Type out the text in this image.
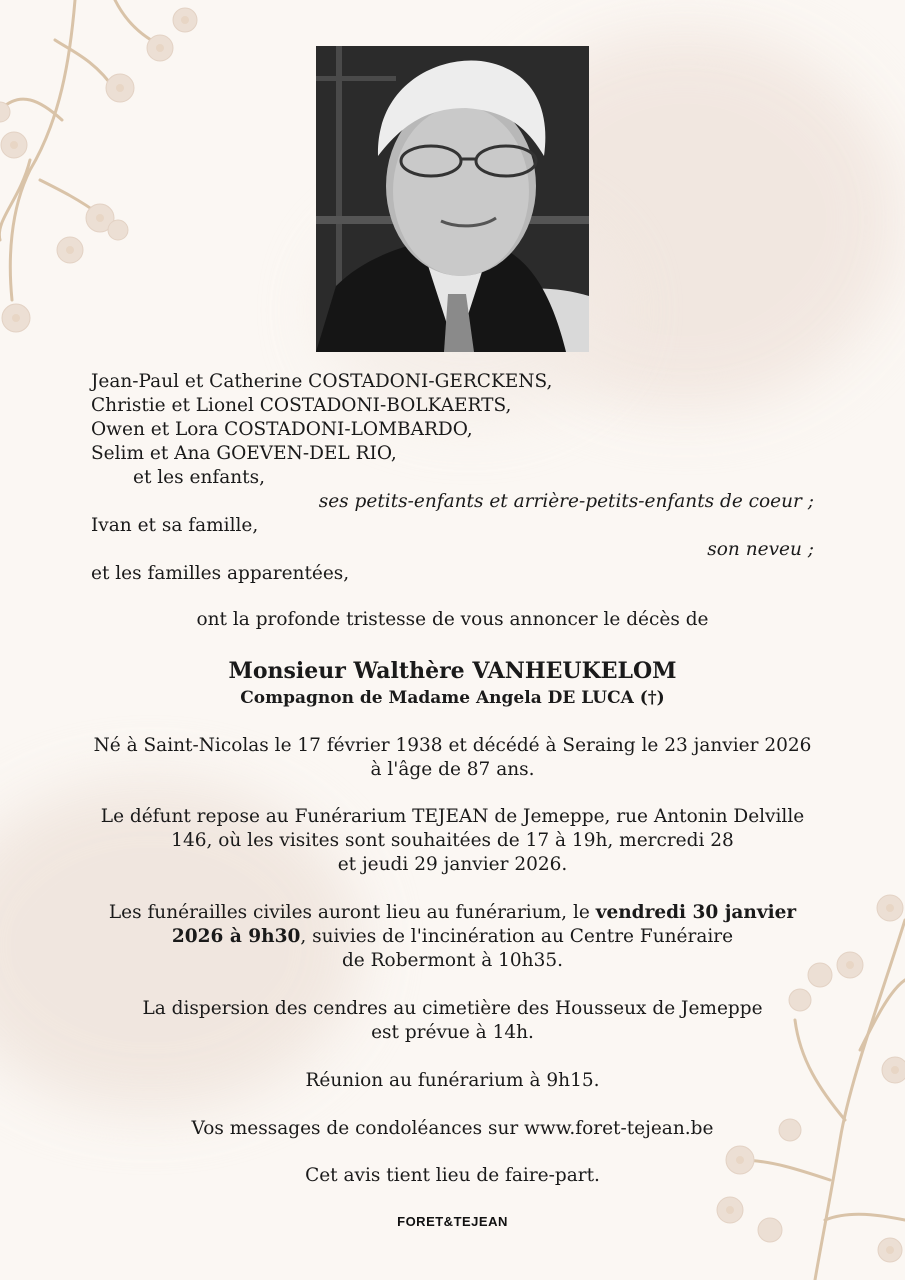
Jean-Paul et Catherine COSTADONI-GERCKENS,
Christie et Lionel COSTADONI-BOLKAERTS,
Owen et Lora COSTADONI-LOMBARDO,
Selim et Ana GOEVEN-DEL RIO,
et les enfants,
ses petits-enfants et arrière-petits-enfants de coeur ;
Ivan et sa famille,
son neveu ;
et les familles apparentées,
ont la profonde tristesse de vous annoncer le décès de
Monsieur Walthère VANHEUKELOM
Compagnon de Madame Angela DE LUCA (†)
Né à Saint-Nicolas le 17 février 1938 et décédé à Seraing le 23 janvier 2026
à l'âge de 87 ans.
Le défunt repose au Funérarium TEJEAN de Jemeppe, rue Antonin Delville
146, où les visites sont souhaitées de 17 à 19h, mercredi 28
et jeudi 29 janvier 2026.
Les funérailles civiles auront lieu au funérarium, le vendredi 30 janvier
2026 à 9h30, suivies de l'incinération au Centre Funéraire
de Robermont à 10h35.
La dispersion des cendres au cimetière des Housseux de Jemeppe
est prévue à 14h.
Réunion au funérarium à 9h15.
Vos messages de condoléances sur www.foret-tejean.be
Cet avis tient lieu de faire-part.
FORET&TEJEAN
